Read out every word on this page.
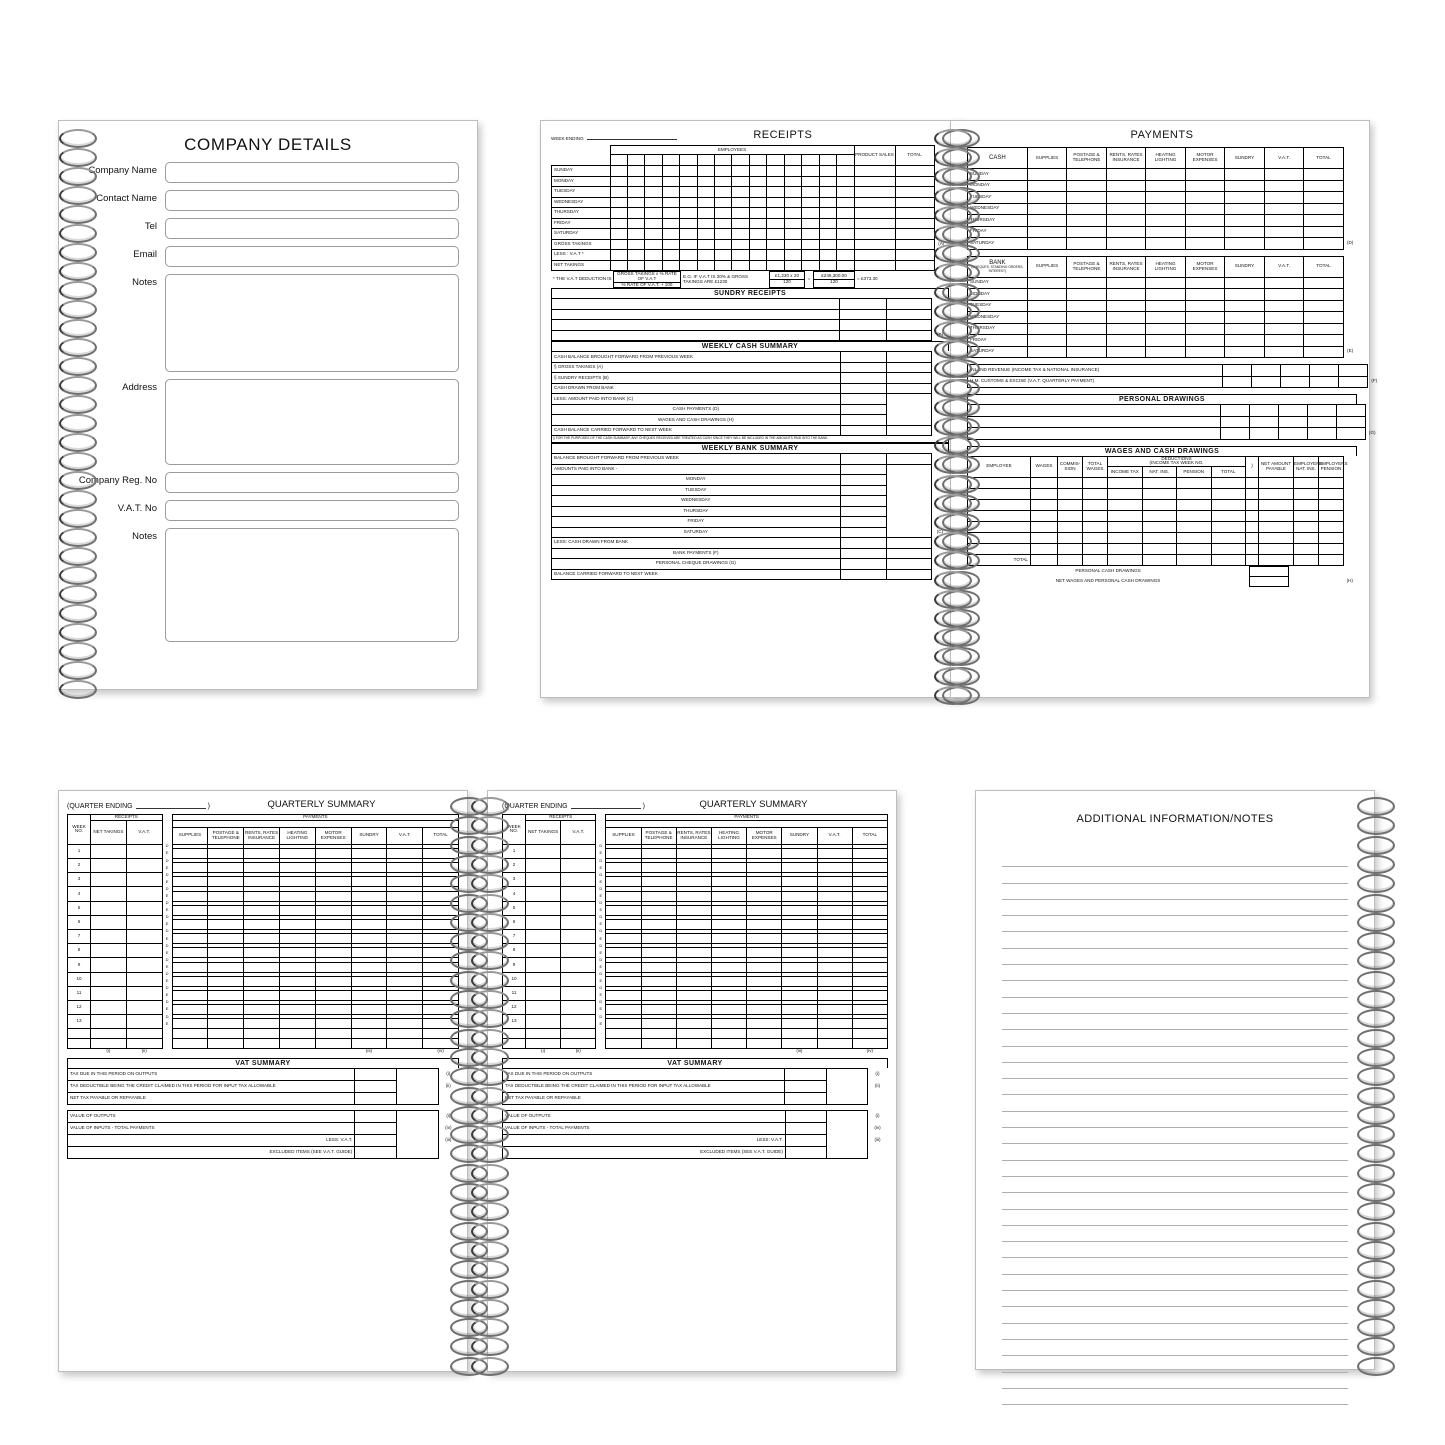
COMPANY DETAILS
Company Name
Contact Name
Tel
Email
Notes
Address
Company Reg. No
V.A.T. No
Notes
WEEK ENDING	RECEIPTS
	EMPLOYEES														PRODUCT SALES	TOTAL	

SUNDAY																	
MONDAY																	
TUESDAY																	
WEDNESDAY																	
THURSDAY																	
FRIDAY																	
SATURDAY																	
GROSS TAKINGS																	(A)
LESS : V.A.T *																	
NET TAKINGS																	
* THE V.A.T DEDUCTION IS	GROSS TAKINGS x % RATE OF V.A.T
% RATE OF V.A.T. + 100
	E.G. IF V.A.T IS 20% & GROSS TAKINGS ARE £1230	£1,230 x 20
120
	=	£245,300.00
120
	= £373.30
SUNDRY RECEIPTS

			(B)
WEEKLY CASH SUMMARY
CASH BALANCE BROUGHT FORWARD FROM PREVIOUS WEEK			
§ GROSS TAKINGS (A)			
§ SUNDRY RECEIPTS (B)			
CASH DRAWN FROM BANK			
LESS: AMOUNT PAID INTO BANK (C)			
CASH PAYMENTS (D)			
WAGES AND CASH DRAWINGS (H)			
CASH BALANCE CARRIED FORWARD TO NEXT WEEK			
§ FOR THE PURPOSES OF THE CASH SUMMARY, ANY CHEQUES RECEIVED ARE TREATED AS CASH SINCE THEY WILL BE INCLUDED IN THE AMOUNTS PAID INTO THE BANK.
WEEKLY BANK SUMMARY
BALANCE BROUGHT FORWARD FROM PREVIOUS WEEK			
AMOUNTS PAID INTO BANK -			
MONDAY			
TUESDAY			
WEDNESDAY			
THURSDAY			
FRIDAY			
SATURDAY			(C)
LESS: CASH DRAWN FROM BANK			
BANK PAYMENTS (F)			
PERSONAL CHEQUE DRAWINGS (G)			
BALANCE CARRIED FORWARD TO NEXT WEEK			
PAYMENTS
CASH	SUPPLIES	POSTAGE & TELEPHONE	RENTS, RATES INSURANCE	HEATING LIGHTING	MOTOR EXPENSES	SUNDRY	V.A.T.	TOTAL	
SUNDAY									
MONDAY									
TUESDAY									
WEDNESDAY									
THURSDAY									
FRIDAY									
SATURDAY									(D)
BANK
(CHEQUES, STANDING ORDERS, INTEREST)	SUPPLIES	POSTAGE & TELEPHONE	RENTS, RATES INSURANCE	HEATING LIGHTING	MOTOR EXPENSES	SUNDRY	V.A.T.	TOTAL	
SUNDAY									
MONDAY									
TUESDAY									
WEDNESDAY									
THURSDAY									
FRIDAY									
SATURDAY									(E)
INLAND REVENUE (INCOME TAX & NATIONAL INSURANCE)						
H.M. CUSTOMS & EXCISE (V.A.T. QUARTERLY PAYMENT)						(F)
PERSONAL DRAWINGS

						(G)
WAGES AND CASH DRAWINGS
EMPLOYEE	WAGES	COMMIS- SION	TOTAL WAGES	DEDUCTIONS
(INCOME TAX WEEK NO.				)	NET AMOUNT PAYABLE	EMPLOYERS NAT. INS.	EMPLOYERS PENSION	
				INCOME TAX	NAT. INS.	PENSION	TOTAL					

TOTAL												
PERSONAL CASH DRAWINGS			
NET WAGES AND PERSONAL CASH DRAWINGS			(H)
(QUARTER ENDING	)	QUARTERLY SUMMARY
WEEK NO.	RECEIPTS			PAYMENTS							
	NET TAKINGS	V.A.T.									
				SUPPLIES	POSTAGE & TELEPHONE	RENTS, RATES INSURANCE	HEATING LIGHTING	MOTOR EXPENSES	SUNDRY	V.A.T.	TOTAL
1			D								
			E								
2			D								
			E								
3			D								
			E								
4			D								
			E								
5			D								
			E								
6			D								
			E								
7			D								
			E								
8			D								
			E								
9			D								
			E								
10			D								
			E								
11			D								
			E								
12			D								
			E								
13			D								
			E								

	(i)	(ii)							(iii)		(iv)
VAT SUMMARY
TAX DUE IN THIS PERIOD ON OUTPUTS			(i)
TAX DEDUCTIBLE BEING THE CREDIT CLAIMED IN THIS PERIOD FOR INPUT TAX ALLOWABLE			(ii)
NET TAX PAYABLE OR REPAYABLE			
VALUE OF OUTPUTS			(i)
VALUE OF INPUTS - TOTAL PAYMENTS			(iv)
LESS: V.A.T.			(iii)
EXCLUDED ITEMS (SEE V.A.T. GUIDE)			
(QUARTER ENDING	)	QUARTERLY SUMMARY
WEEK NO.	RECEIPTS			PAYMENTS							
	NET TAKINGS	V.A.T.									
				SUPPLIES	POSTAGE & TELEPHONE	RENTS, RATES INSURANCE	HEATING LIGHTING	MOTOR EXPENSES	SUNDRY	V.A.T.	TOTAL
1			D								
			E								
2			D								
			E								
3			D								
			E								
4			D								
			E								
5			D								
			E								
6			D								
			E								
7			D								
			E								
8			D								
			E								
9			D								
			E								
10			D								
			E								
11			D								
			E								
12			D								
			E								
13			D								
			E								

	(i)	(ii)							(iii)		(iv)
VAT SUMMARY
TAX DUE IN THIS PERIOD ON OUTPUTS			(i)
TAX DEDUCTIBLE BEING THE CREDIT CLAIMED IN THIS PERIOD FOR INPUT TAX ALLOWABLE			(ii)
NET TAX PAYABLE OR REPAYABLE			
VALUE OF OUTPUTS			(i)
VALUE OF INPUTS - TOTAL PAYMENTS			(iv)
LESS: V.A.T.			(iii)
EXCLUDED ITEMS (SEE V.A.T. GUIDE)			
ADDITIONAL INFORMATION/NOTES
